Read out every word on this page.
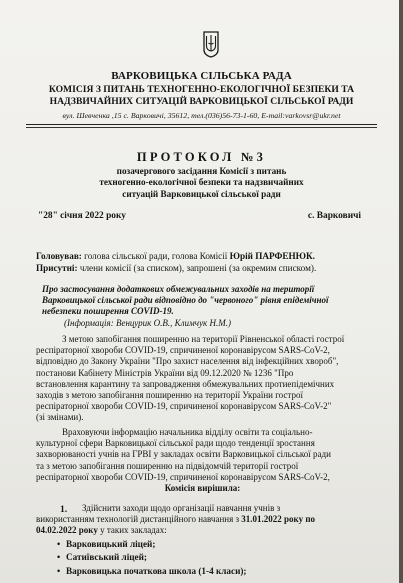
ВАРКОВИЦЬКА СІЛЬСЬКА РАДА
КОМІСІЯ З ПИТАНЬ ТЕХНОГЕННО-ЕКОЛОГІЧНОЇ БЕЗПЕКИ ТА
НАДЗВИЧАЙНИХ СИТУАЦІЙ ВАРКОВИЦЬКОЇ СІЛЬСЬКОЇ РАДИ
вул. Шевченка ,15 с. Варковичі, 35612, тел.(036)56-73-1-60, E-mail:varkovsr@ukr.net
ПРОТОКОЛ №3
позачергового засідання Комісії з питань
техногенно-екологічної безпеки та надзвичайних
ситуацій Варковицької сільської ради
"28" січня 2022 року	с. Варковичі
Головував: голова сільської ради, голова Комісії Юрій ПАРФЕНЮК.
Присутні: члени комісії (за списком), запрошені (за окремим списком).
Про застосування додаткових обмежувальних заходів на території
Варковицької сільської ради відповідно до "червоного" рівня епідемічної
небезпеки поширення COVID-19.
(Інформація: Венцурик О.В., Климчук Н.М.)
З метою запобігання поширенню на території Рівненської області гострої
респіраторної хвороби COVID-19, спричиненої коронавірусом SARS-CoV-2,
відповідно до Закону України "Про захист населення від інфекційних хвороб",
постанови Кабінету Міністрів України від 09.12.2020 № 1236 "Про
встановлення карантину та запровадження обмежувальних протиепідемічних
заходів з метою запобігання поширенню на території України гострої
респіраторної хвороби COVID-19, спричиненої коронавірусом SARS-CoV-2"
(зі змінами).
Враховуючи інформацію начальника відділу освіти та соціально-
культурної сфери Варковицької сільської ради щодо тенденції зростання
захворюваності учнів на ГРВІ у закладах освіти Варковицької сільської ради
та з метою запобігання поширенню на підвідомчій території гострої
респіраторної хвороби COVID-19, спричиненої коронавірусом SARS-CoV-2,
Комісія вирішила:
1.	Здійснити заходи щодо організації навчання учнів з
використанням технологій дистанційного навчання з 31.01.2022 року по
04.02.2022 року у таких закладах:
• Варковицький ліцей;
• Сатиївський ліцей;
• Варковицька початкова школа (1-4 класи);
